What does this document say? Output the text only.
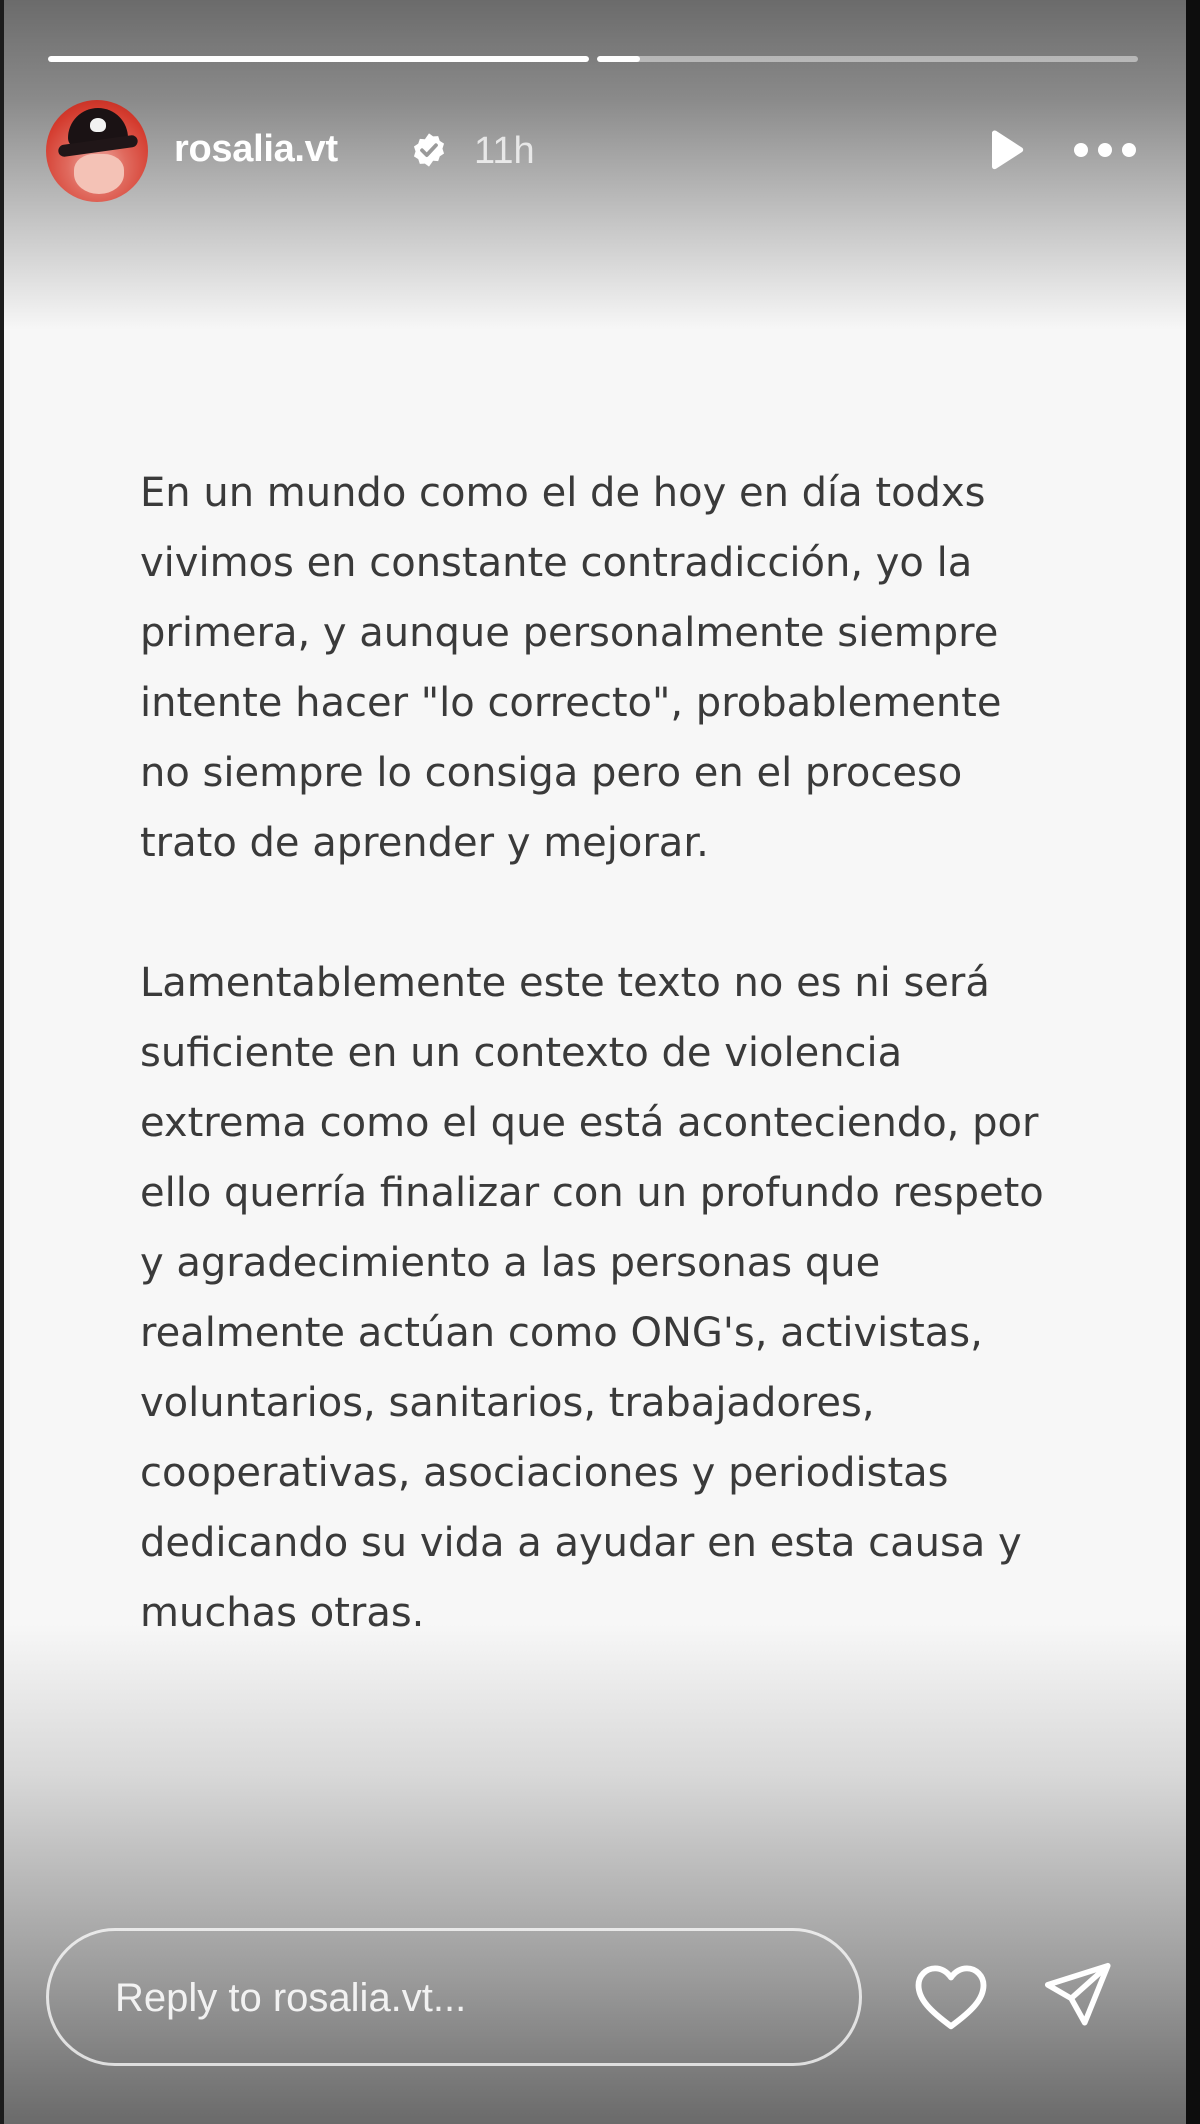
rosalia.vt	11h

En un mundo como el de hoy en día todxs
vivimos en constante contradicción, yo la
primera, y aunque personalmente siempre
intente hacer "lo correcto", probablemente
no siempre lo consiga pero en el proceso
trato de aprender y mejorar.

Lamentablemente este texto no es ni será
suficiente en un contexto de violencia
extrema como el que está aconteciendo, por
ello querría finalizar con un profundo respeto
y agradecimiento a las personas que
realmente actúan como ONG's, activistas,
voluntarios, sanitarios, trabajadores,
cooperativas, asociaciones y periodistas
dedicando su vida a ayudar en esta causa y
muchas otras.

Reply to rosalia.vt...
